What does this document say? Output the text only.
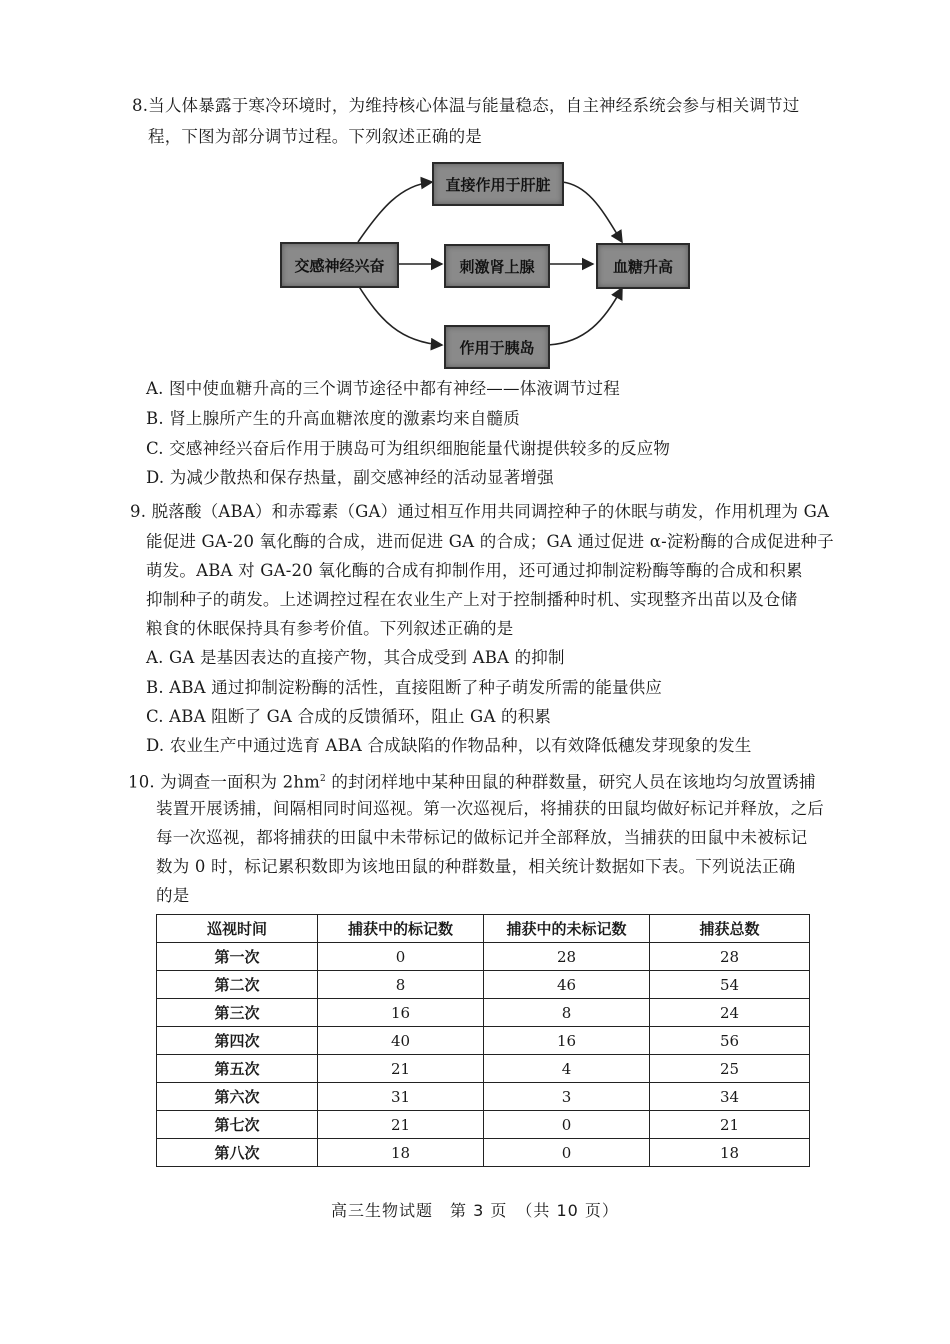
8.当人体暴露于寒冷环境时，为维持核心体温与能量稳态，自主神经系统会参与相关调节过
程，下图为部分调节过程。下列叙述正确的是
交感神经兴奋
直接作用于肝脏
刺激肾上腺
作用于胰岛
血糖升高
A. 图中使血糖升高的三个调节途径中都有神经——体液调节过程
B. 肾上腺所产生的升高血糖浓度的激素均来自髓质
C. 交感神经兴奋后作用于胰岛可为组织细胞能量代谢提供较多的反应物
D. 为减少散热和保存热量，副交感神经的活动显著增强
9. 脱落酸（ABA）和赤霉素（GA）通过相互作用共同调控种子的休眠与萌发，作用机理为 GA
能促进 GA-20 氧化酶的合成，进而促进 GA 的合成；GA 通过促进 α-淀粉酶的合成促进种子
萌发。ABA 对 GA-20 氧化酶的合成有抑制作用，还可通过抑制淀粉酶等酶的合成和积累
抑制种子的萌发。上述调控过程在农业生产上对于控制播种时机、实现整齐出苗以及仓储
粮食的休眠保持具有参考价值。下列叙述正确的是
A. GA 是基因表达的直接产物，其合成受到 ABA 的抑制
B. ABA 通过抑制淀粉酶的活性，直接阻断了种子萌发所需的能量供应
C. ABA 阻断了 GA 合成的反馈循环，阻止 GA 的积累
D. 农业生产中通过选育 ABA 合成缺陷的作物品种，以有效降低穗发芽现象的发生
10. 为调查一面积为 $2hm^2$ 的封闭样地中某种田鼠的种群数量，研究人员在该地均匀放置诱捕
装置开展诱捕，间隔相同时间巡视。第一次巡视后，将捕获的田鼠均做好标记并释放，之后
每一次巡视，都将捕获的田鼠中未带标记的做标记并全部释放，当捕获的田鼠中未被标记
数为 0 时，标记累积数即为该地田鼠的种群数量，相关统计数据如下表。下列说法正确
的是
巡视时间	捕获中的标记数	捕获中的未标记数	捕获总数
第一次	0	28	28
第二次	8	46	54
第三次	16	8	24
第四次	40	16	56
第五次	21	4	25
第六次	31	3	34
第七次	21	0	21
第八次	18	0	18
高三生物试题　第 3 页　（共 10 页）
